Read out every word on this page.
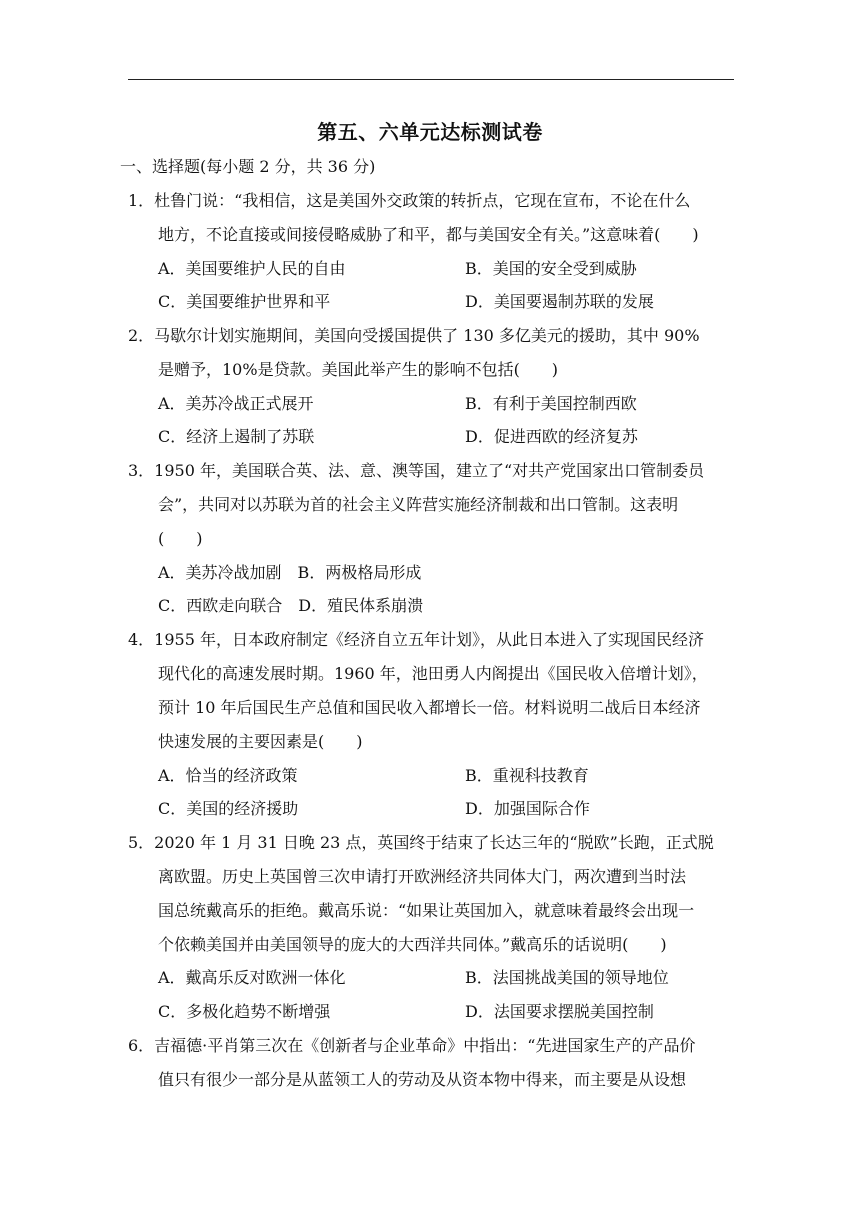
第五、六单元达标测试卷
一、选择题(每小题 2 分，共 36 分)
1．杜鲁门说：“我相信，这是美国外交政策的转折点，它现在宣布，不论在什么
地方，不论直接或间接侵略威胁了和平，都与美国安全有关。”这意味着(　　)
A．美国要维护人民的自由	B．美国的安全受到威胁
C．美国要维护世界和平	D．美国要遏制苏联的发展
2．马歇尔计划实施期间，美国向受援国提供了 130 多亿美元的援助，其中 90%
是赠予，10%是贷款。美国此举产生的影响不包括(　　)
A．美苏冷战正式展开	B．有利于美国控制西欧
C．经济上遏制了苏联	D．促进西欧的经济复苏
3．1950 年，美国联合英、法、意、澳等国，建立了“对共产党国家出口管制委员
会”，共同对以苏联为首的社会主义阵营实施经济制裁和出口管制。这表明
(　　)
A．美苏冷战加剧　B．两极格局形成
C．西欧走向联合　D．殖民体系崩溃
4．1955 年，日本政府制定《经济自立五年计划》，从此日本进入了实现国民经济
现代化的高速发展时期。1960 年，池田勇人内阁提出《国民收入倍增计划》，
预计 10 年后国民生产总值和国民收入都增长一倍。材料说明二战后日本经济
快速发展的主要因素是(　　)
A．恰当的经济政策	B．重视科技教育
C．美国的经济援助	D．加强国际合作
5．2020 年 1 月 31 日晚 23 点，英国终于结束了长达三年的“脱欧”长跑，正式脱
离欧盟。历史上英国曾三次申请打开欧洲经济共同体大门，两次遭到当时法
国总统戴高乐的拒绝。戴高乐说：“如果让英国加入，就意味着最终会出现一
个依赖美国并由美国领导的庞大的大西洋共同体。”戴高乐的话说明(　　)
A．戴高乐反对欧洲一体化	B．法国挑战美国的领导地位
C．多极化趋势不断增强	D．法国要求摆脱美国控制
6．吉福德·平肖第三次在《创新者与企业革命》中指出：“先进国家生产的产品价
值只有很少一部分是从蓝领工人的劳动及从资本物中得来，而主要是从设想
